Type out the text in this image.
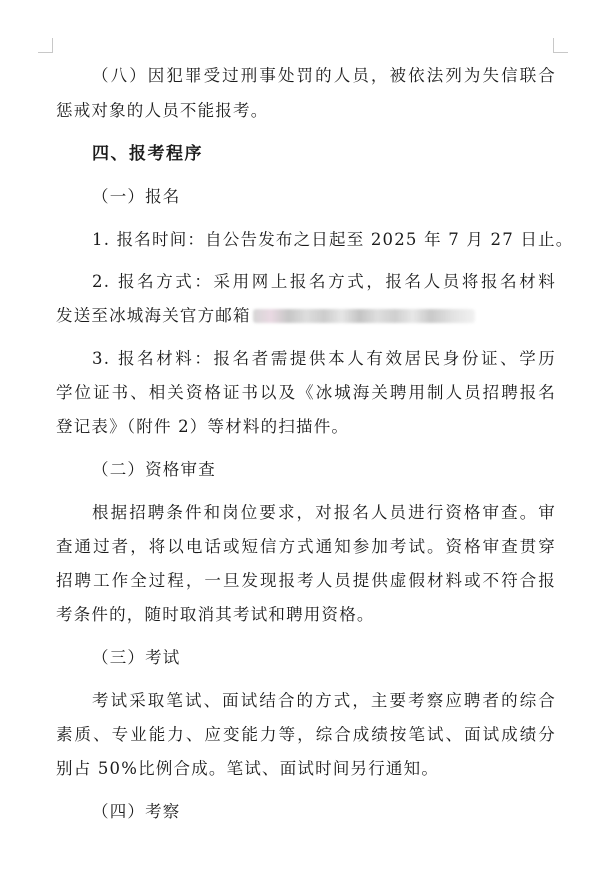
（八）因犯罪受过刑事处罚的人员，被依法列为失信联合
惩戒对象的人员不能报考。
四、报考程序
（一）报名
1. 报名时间：自公告发布之日起至 2025 年 7 月 27 日止。
2. 报名方式：采用网上报名方式，报名人员将报名材料
发送至冰城海关官方邮箱
3. 报名材料：报名者需提供本人有效居民身份证、学历
学位证书、相关资格证书以及《冰城海关聘用制人员招聘报名
登记表》（附件 2）等材料的扫描件。
（二）资格审查
根据招聘条件和岗位要求，对报名人员进行资格审查。审
查通过者，将以电话或短信方式通知参加考试。资格审查贯穿
招聘工作全过程，一旦发现报考人员提供虚假材料或不符合报
考条件的，随时取消其考试和聘用资格。
（三）考试
考试采取笔试、面试结合的方式，主要考察应聘者的综合
素质、专业能力、应变能力等，综合成绩按笔试、面试成绩分
别占 50%比例合成。笔试、面试时间另行通知。
（四）考察
